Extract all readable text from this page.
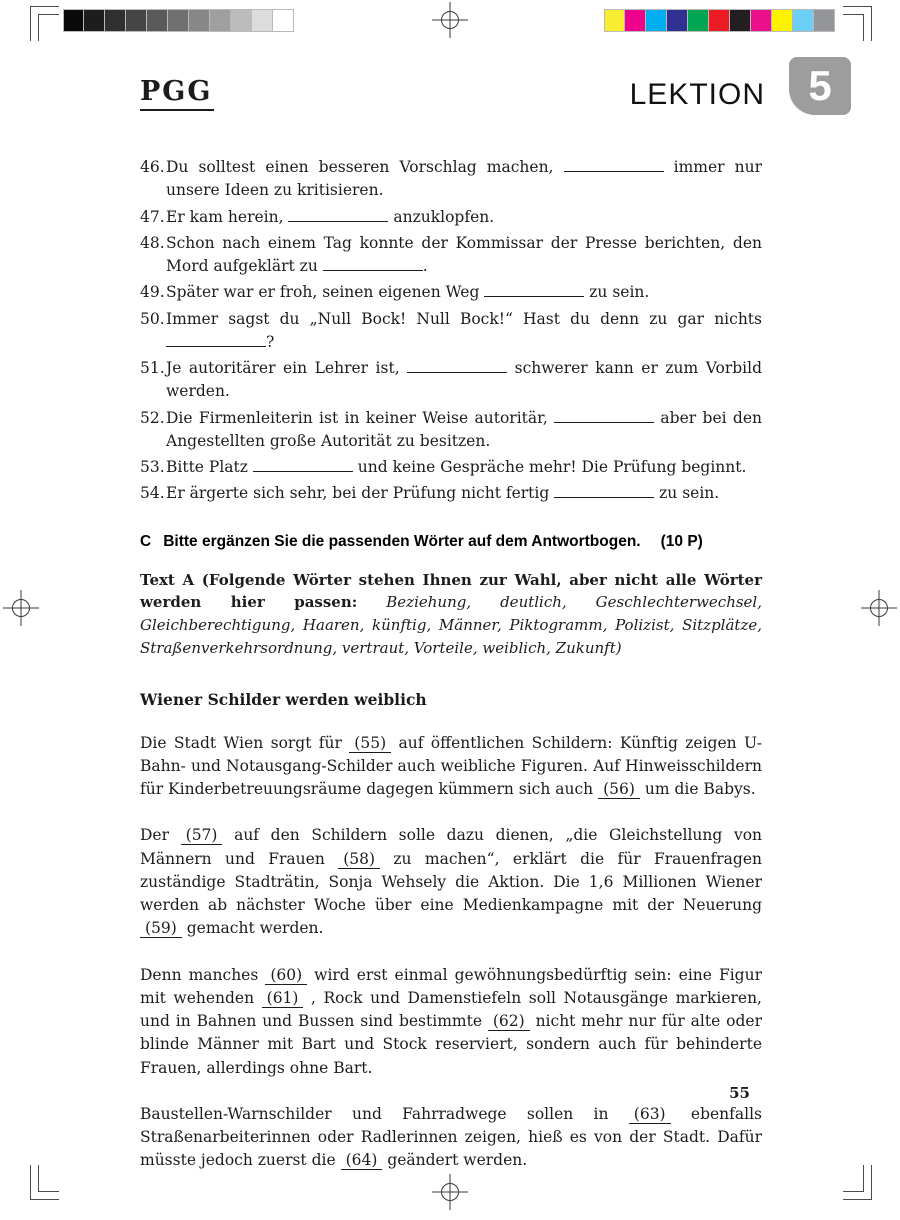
PGG	LEKTION 5
46. Du solltest einen besseren Vorschlag machen,	immer nur unsere Ideen zu kritisieren.
47. Er kam herein,	anzuklopfen.
48. Schon nach einem Tag konnte der Kommissar der Presse berichten, den Mord aufgeklärt zu	.
49. Später war er froh, seinen eigenen Weg	zu sein.
50. Immer sagst du „Null Bock! Null Bock!“ Hast du denn zu gar nichts ?
51. Je autoritärer ein Lehrer ist,	schwerer kann er zum Vorbild werden.
52. Die Firmenleiterin ist in keiner Weise autoritär,	aber bei den Angestellten große Autorität zu besitzen.
53. Bitte Platz	und keine Gespräche mehr! Die Prüfung beginnt.
54. Er ärgerte sich sehr, bei der Prüfung nicht fertig	zu sein.
C Bitte ergänzen Sie die passenden Wörter auf dem Antwortbogen. (10 P)
Text A (Folgende Wörter stehen Ihnen zur Wahl, aber nicht alle Wörter werden hier passen: Beziehung, deutlich, Geschlechterwechsel, Gleichberechtigung, Haaren, künftig, Männer, Piktogramm, Polizist, Sitzplätze, Straßenverkehrsordnung, vertraut, Vorteile, weiblich, Zukunft)
Wiener Schilder werden weiblich

Die Stadt Wien sorgt für (55) auf öffentlichen Schildern: Künftig zeigen U-Bahn- und Notausgang-Schilder auch weibliche Figuren. Auf Hinweisschildern für Kinderbetreuungsräume dagegen kümmern sich auch (56) um die Babys.

Der (57) auf den Schildern solle dazu dienen, „die Gleichstellung von Männern und Frauen (58) zu machen“, erklärt die für Frauenfragen zuständige Stadträtin, Sonja Wehsely die Aktion. Die 1,6 Millionen Wiener werden ab nächster Woche über eine Medienkampagne mit der Neuerung (59) gemacht werden.

Denn manches (60) wird erst einmal gewöhnungsbedürftig sein: eine Figur mit wehenden (61) , Rock und Damenstiefeln soll Notausgänge markieren, und in Bahnen und Bussen sind bestimmte (62) nicht mehr nur für alte oder blinde Männer mit Bart und Stock reserviert, sondern auch für behinderte Frauen, allerdings ohne Bart.

Baustellen-Warnschilder und Fahrradwege sollen in (63) ebenfalls Straßenarbeiterinnen oder Radlerinnen zeigen, hieß es von der Stadt. Dafür müsste jedoch zuerst die (64) geändert werden.

55
